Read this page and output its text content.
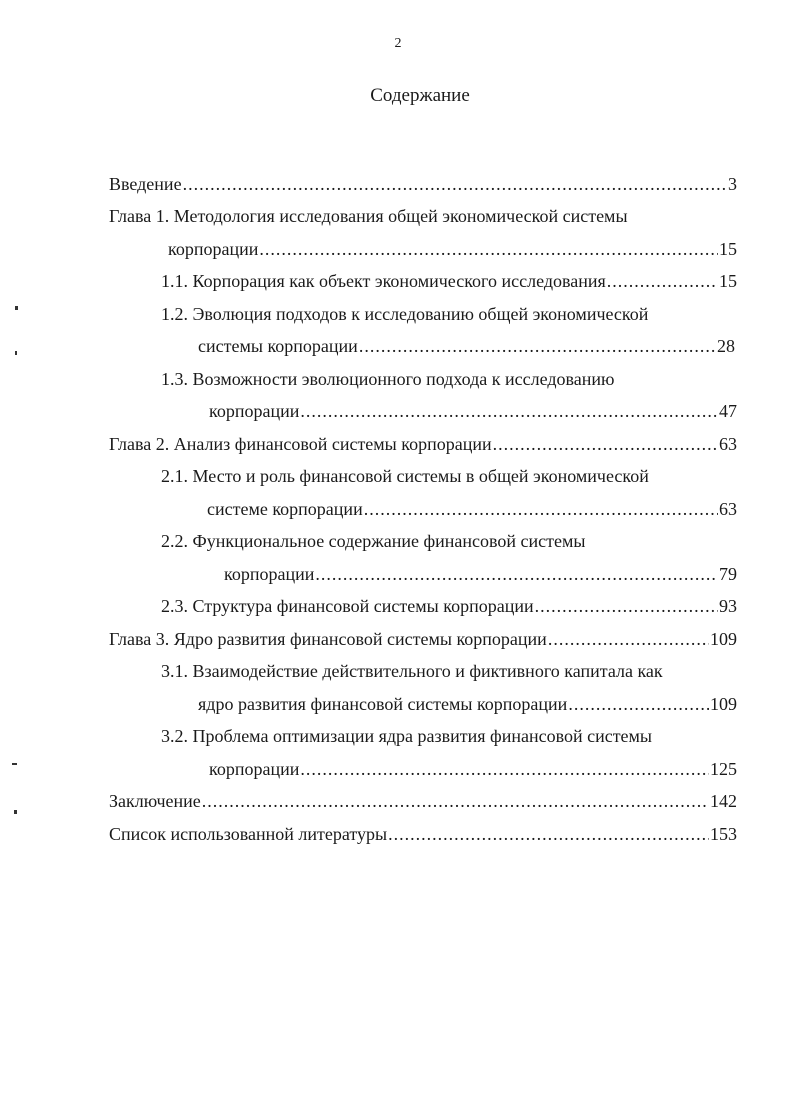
2
Содержание
Введение .....	3
Глава 1. Методология исследования общей экономической системы
корпорации .....	15
1.1. Корпорация как объект экономического исследования .....	15
1.2. Эволюция подходов к исследованию общей экономической
системы корпорации .....	28
1.3. Возможности эволюционного подхода к исследованию
корпорации .....	47
Глава 2. Анализ финансовой системы корпорации .....	63
2.1. Место и роль финансовой системы в общей экономической
системе корпорации .....	63
2.2. Функциональное содержание финансовой системы
корпорации .....	79
2.3. Структура финансовой системы корпорации .....	93
Глава 3. Ядро развития финансовой системы корпорации .....	109
3.1. Взаимодействие действительного и фиктивного капитала как
ядро развития финансовой системы корпорации .....	109
3.2. Проблема оптимизации ядра развития финансовой системы
корпорации .....	125
Заключение .....	142
Список использованной литературы .....	153
